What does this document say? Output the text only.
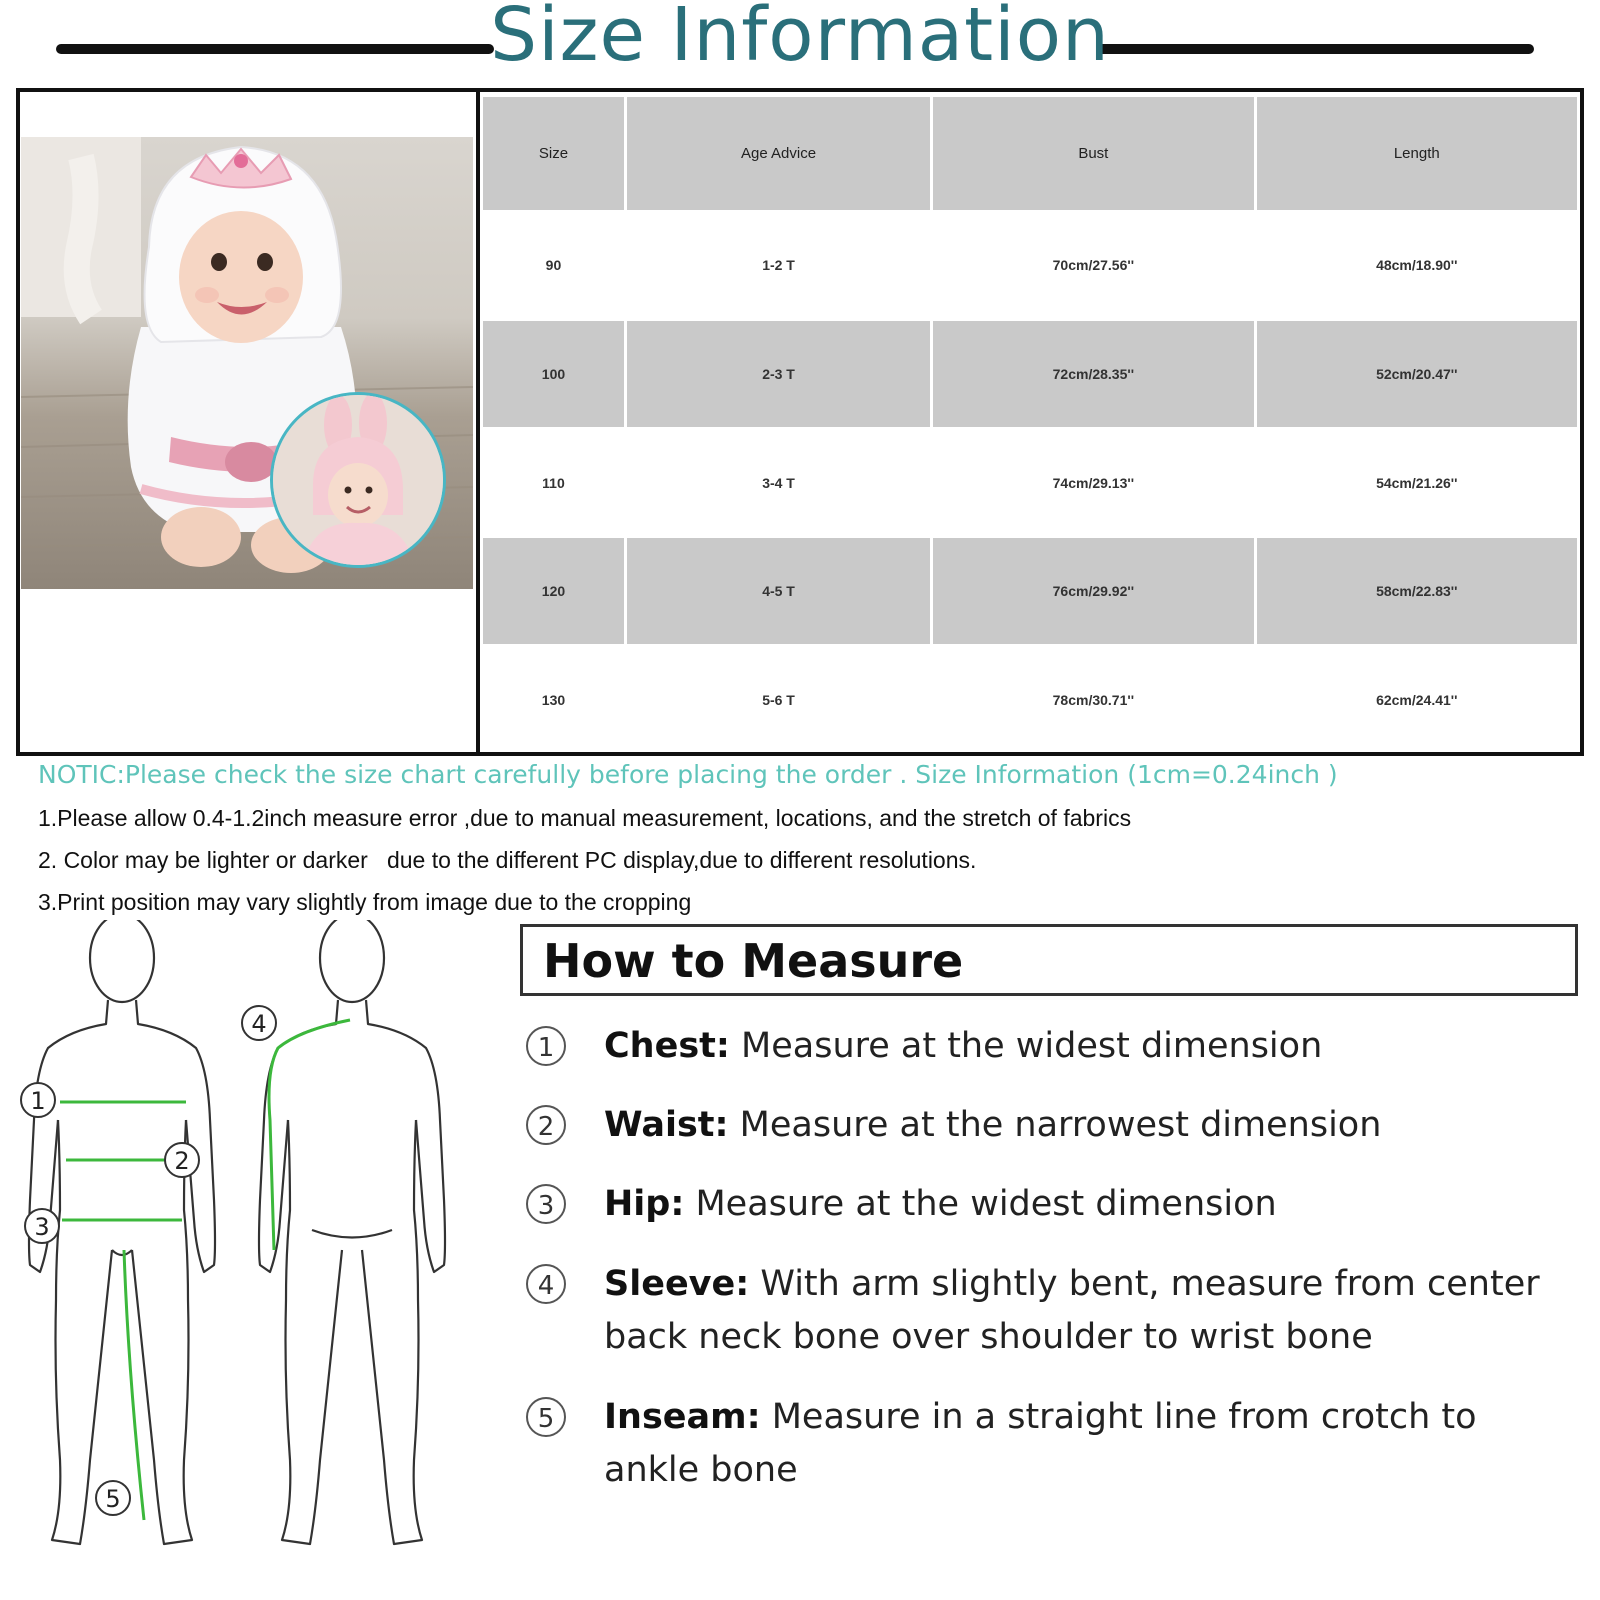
Size Information
Size	Age Advice	Bust	Length
90	1-2 T	70cm/27.56''	48cm/18.90''
100	2-3 T	72cm/28.35''	52cm/20.47''
110	3-4 T	74cm/29.13''	54cm/21.26''
120	4-5 T	76cm/29.92''	58cm/22.83''
130	5-6 T	78cm/30.71''	62cm/24.41''
NOTIC:Please check the size chart carefully before placing the order . Size Information (1cm=0.24inch )
1.Please allow 0.4-1.2inch measure error ,due to manual measurement, locations, and the stretch of fabrics
2. Color may be lighter or darker   due to the different PC display,due to different resolutions.
3.Print position may vary slightly from image due to the cropping
1
2
3
5
4
How to Measure
1	Chest: Measure at the widest dimension
2	Waist: Measure at the narrowest dimension
3	Hip: Measure at the widest dimension
4	Sleeve: With arm slightly bent, measure from center back neck bone over shoulder to wrist bone
5	Inseam: Measure in a straight line from crotch to ankle bone
